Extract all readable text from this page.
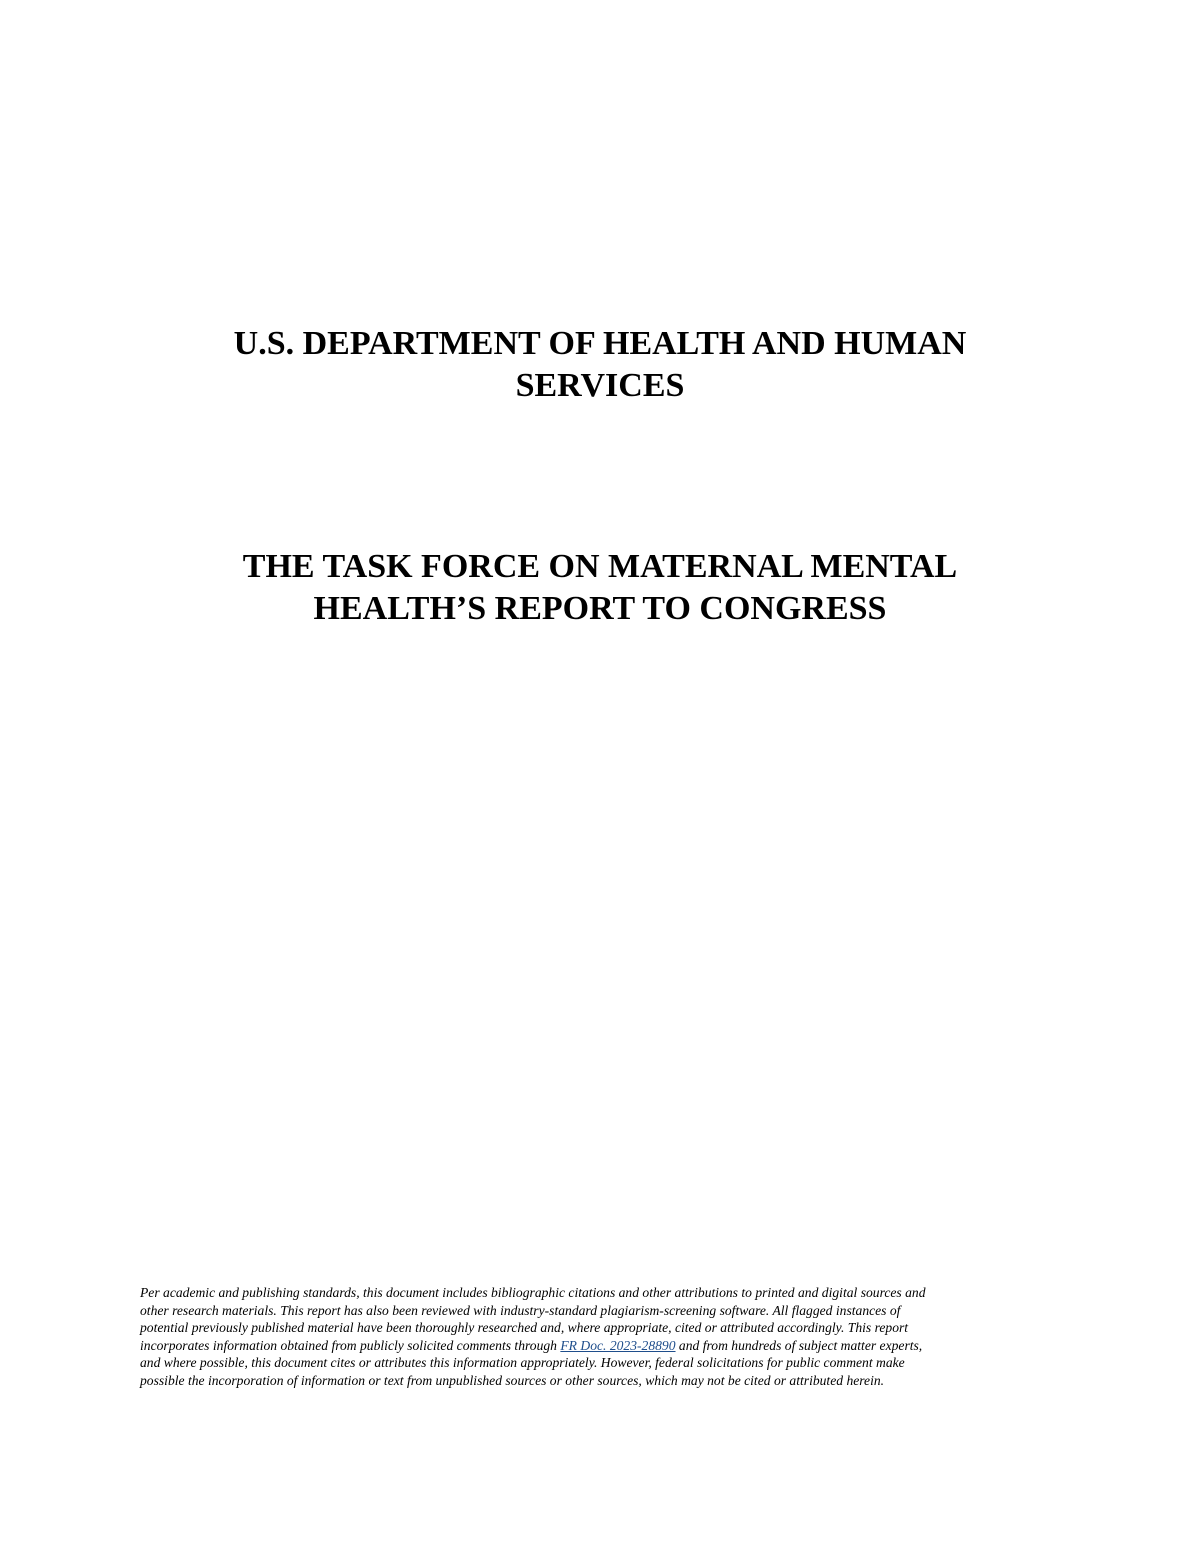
U.S. DEPARTMENT OF HEALTH AND HUMAN
SERVICES
THE TASK FORCE ON MATERNAL MENTAL
HEALTH’S REPORT TO CONGRESS
Per academic and publishing standards, this document includes bibliographic citations and other attributions to printed and digital sources and
other research materials. This report has also been reviewed with industry-standard plagiarism-screening software. All flagged instances of
potential previously published material have been thoroughly researched and, where appropriate, cited or attributed accordingly. This report
incorporates information obtained from publicly solicited comments through FR Doc. 2023-28890 and from hundreds of subject matter experts,
and where possible, this document cites or attributes this information appropriately. However, federal solicitations for public comment make
possible the incorporation of information or text from unpublished sources or other sources, which may not be cited or attributed herein.
